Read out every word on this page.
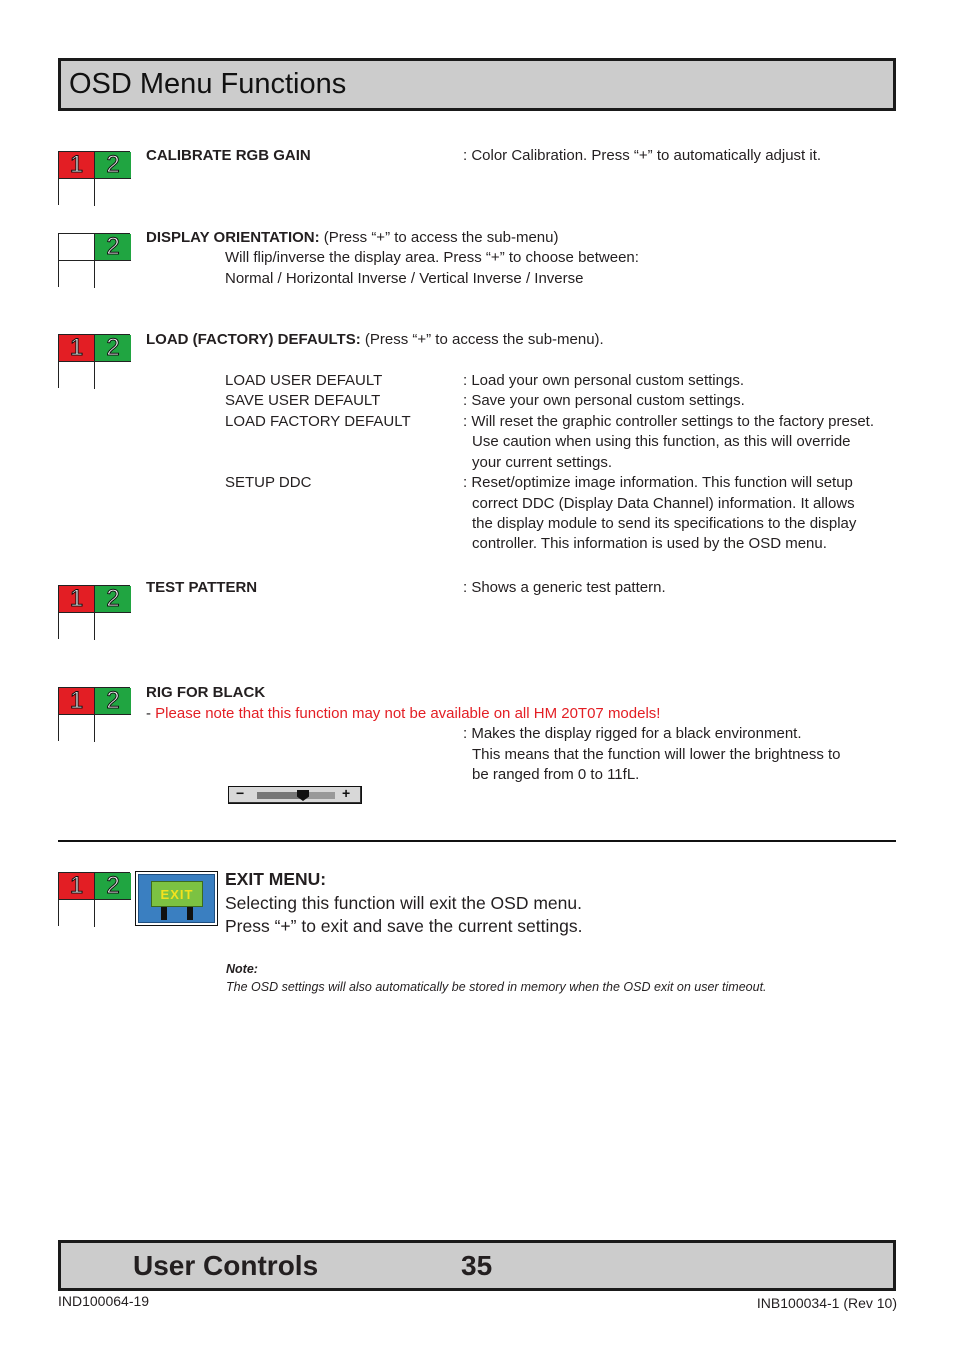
OSD Menu Functions
1 2	CALIBRATE RGB GAIN	: Color Calibration. Press “+” to automatically adjust it.
2	DISPLAY ORIENTATION: (Press “+” to access the sub-menu)
Will flip/inverse the display area. Press “+” to choose between:
Normal / Horizontal Inverse / Vertical Inverse / Inverse
1 2	LOAD (FACTORY) DEFAULTS: (Press “+” to access the sub-menu).
LOAD USER DEFAULT	: Load your own personal custom settings.
SAVE USER DEFAULT	: Save your own personal custom settings.
LOAD FACTORY DEFAULT	: Will reset the graphic controller settings to the factory preset.
Use caution when using this function, as this will override
your current settings.
SETUP DDC	: Reset/optimize image information. This function will setup
correct DDC (Display Data Channel) information. It allows
the display module to send its specifications to the display
controller. This information is used by the OSD menu.
1 2	TEST PATTERN	: Shows a generic test pattern.
1 2	RIG FOR BLACK
- Please note that this function may not be available on all HM 20T07 models!
: Makes the display rigged for a black environment.
This means that the function will lower the brightness to
be ranged from 0 to 11fL.
−	+
1 2	EXIT
EXIT MENU:
Selecting this function will exit the OSD menu.
Press “+” to exit and save the current settings.
Note:
The OSD settings will also automatically be stored in memory when the OSD exit on user timeout.
User Controls	35
IND100064-19	INB100034-1 (Rev 10)
